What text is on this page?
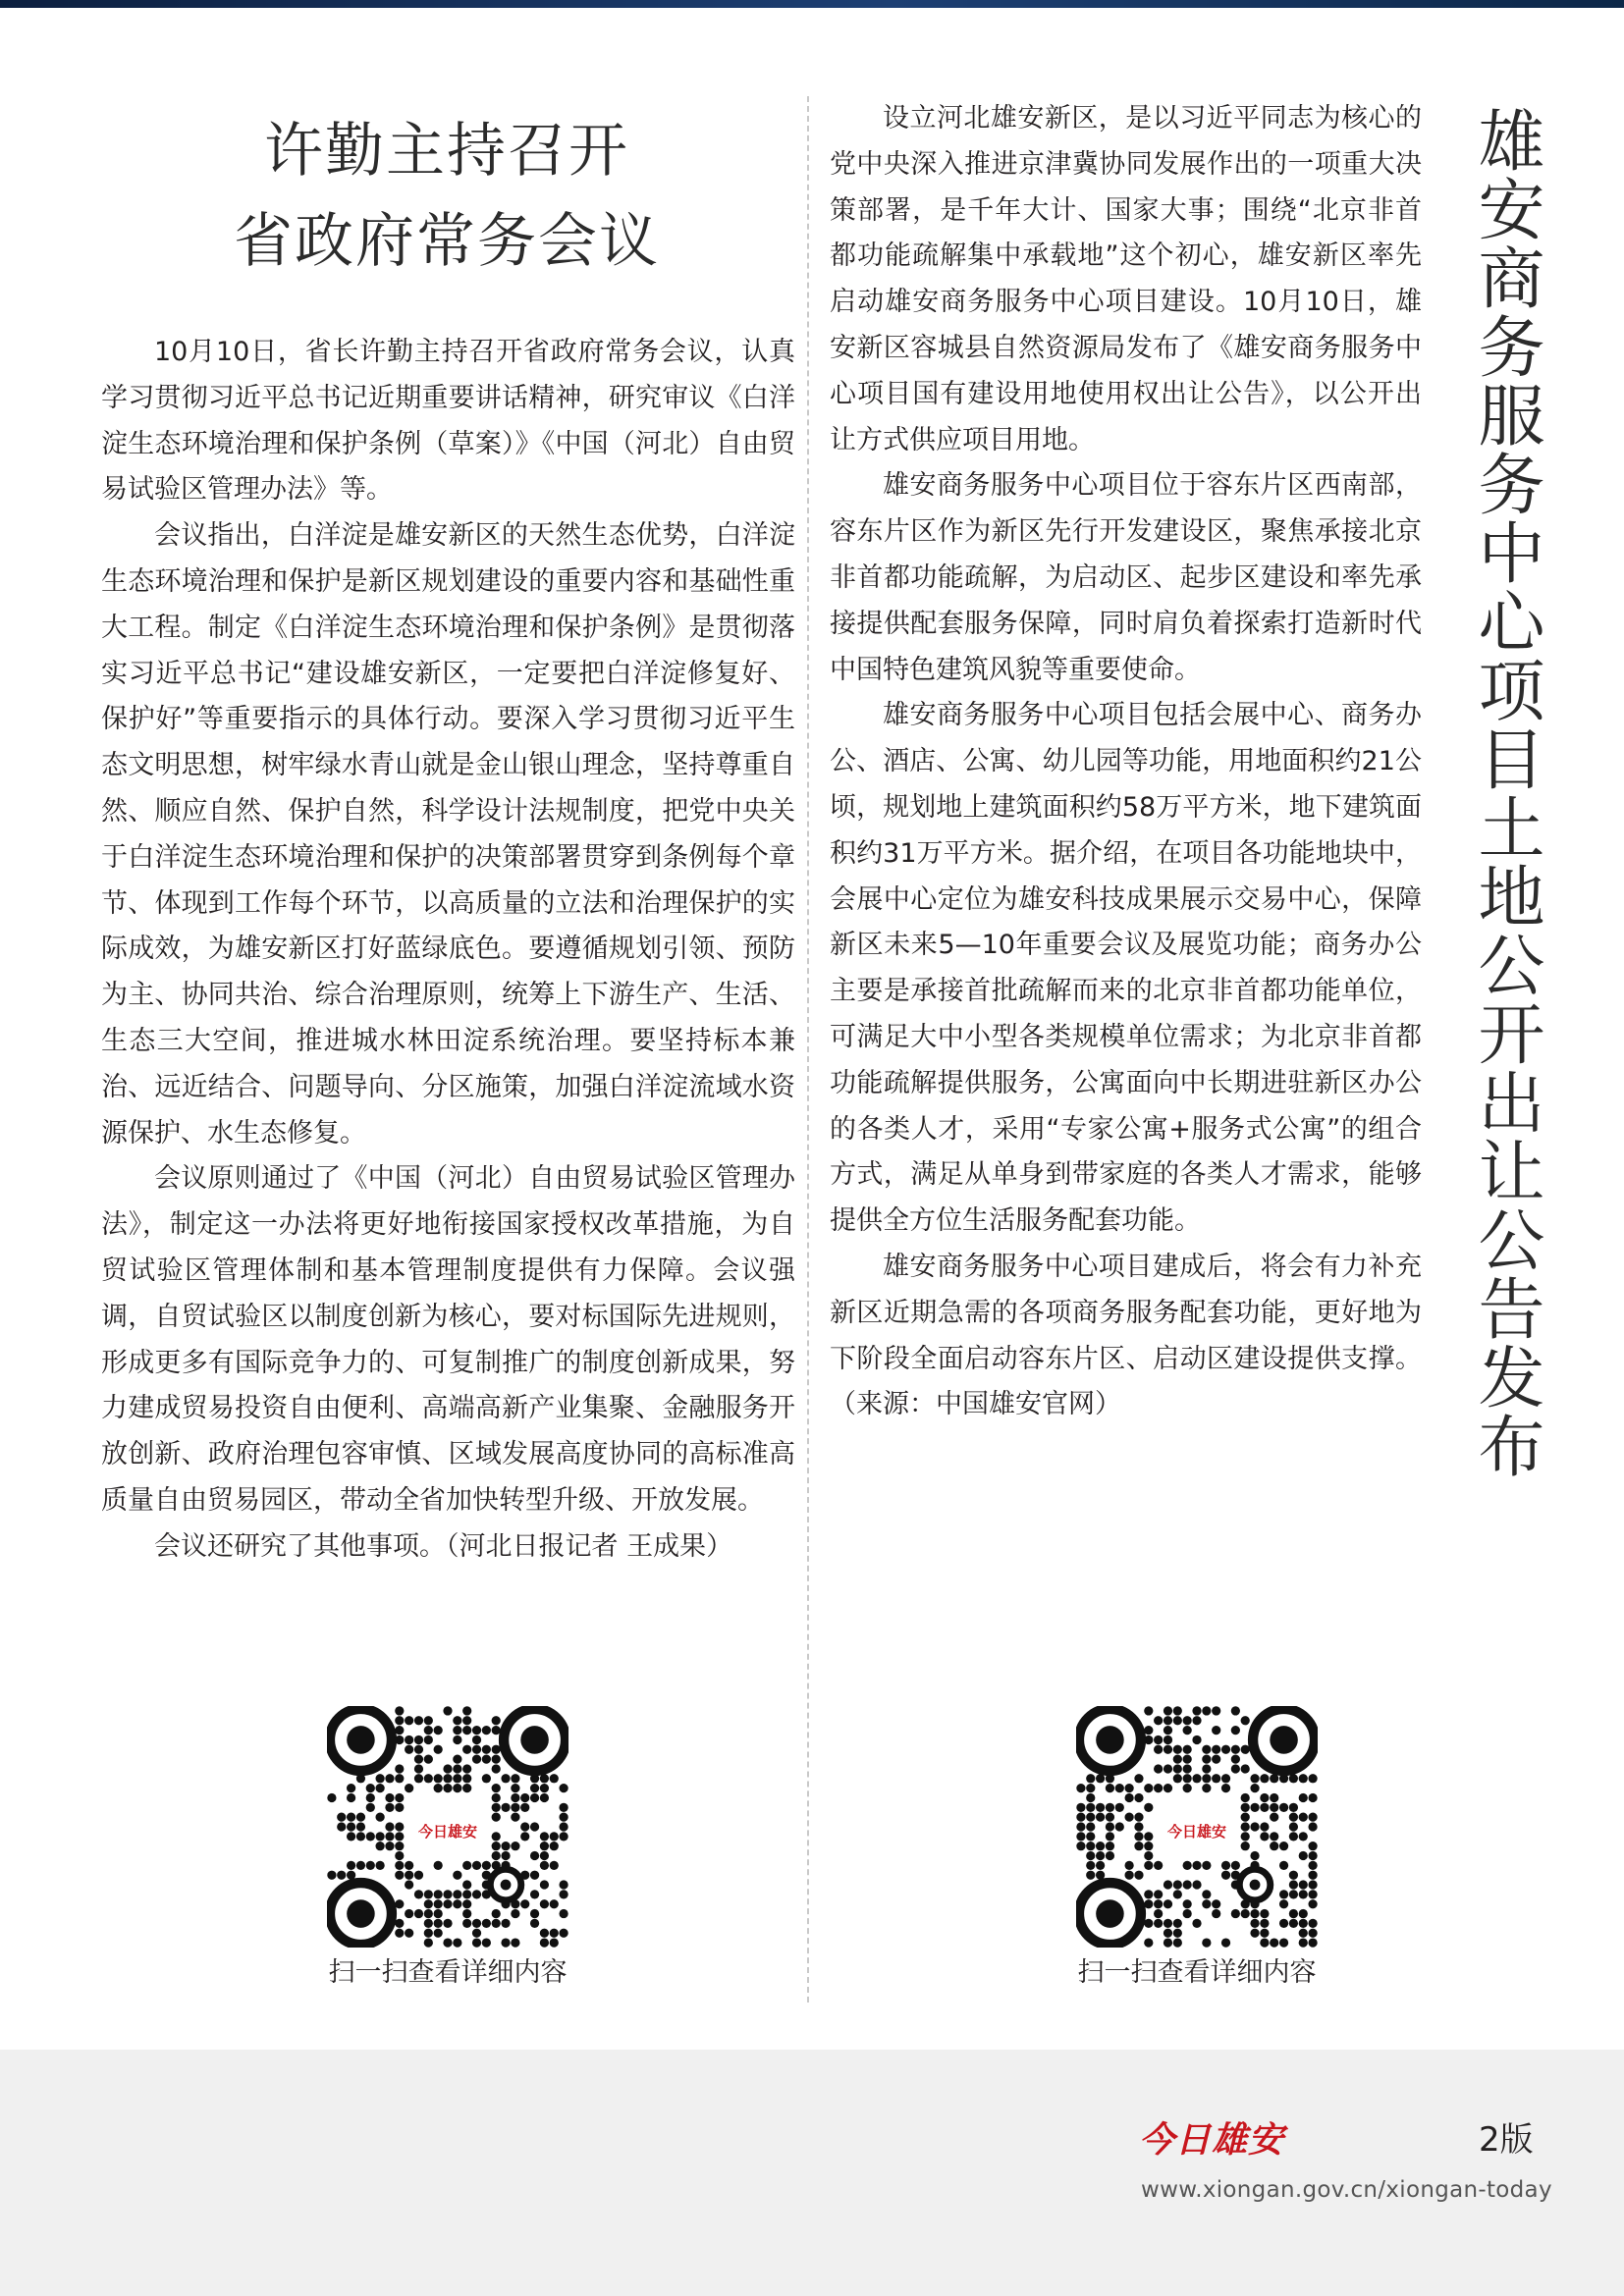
许勤主持召开
省政府常务会议

10月10日，省长许勤主持召开省政府常务会议，认真学习贯彻习近平总书记近期重要讲话精神，研究审议《白洋淀生态环境治理和保护条例（草案）》《中国（河北）自由贸易试验区管理办法》等。

会议指出，白洋淀是雄安新区的天然生态优势，白洋淀生态环境治理和保护是新区规划建设的重要内容和基础性重大工程。制定《白洋淀生态环境治理和保护条例》是贯彻落实习近平总书记“建设雄安新区，一定要把白洋淀修复好、保护好”等重要指示的具体行动。要深入学习贯彻习近平生态文明思想，树牢绿水青山就是金山银山理念，坚持尊重自然、顺应自然、保护自然，科学设计法规制度，把党中央关于白洋淀生态环境治理和保护的决策部署贯穿到条例每个章节、体现到工作每个环节，以高质量的立法和治理保护的实际成效，为雄安新区打好蓝绿底色。要遵循规划引领、预防为主、协同共治、综合治理原则，统筹上下游生产、生活、生态三大空间，推进城水林田淀系统治理。要坚持标本兼治、远近结合、问题导向、分区施策，加强白洋淀流域水资源保护、水生态修复。

会议原则通过了《中国（河北）自由贸易试验区管理办法》，制定这一办法将更好地衔接国家授权改革措施，为自贸试验区管理体制和基本管理制度提供有力保障。会议强调，自贸试验区以制度创新为核心，要对标国际先进规则，形成更多有国际竞争力的、可复制推广的制度创新成果，努力建成贸易投资自由便利、高端高新产业集聚、金融服务开放创新、政府治理包容审慎、区域发展高度协同的高标准高质量自由贸易园区，带动全省加快转型升级、开放发展。

会议还研究了其他事项。（河北日报记者 王成果）

设立河北雄安新区，是以习近平同志为核心的党中央深入推进京津冀协同发展作出的一项重大决策部署，是千年大计、国家大事；围绕“北京非首都功能疏解集中承载地”这个初心，雄安新区率先启动雄安商务服务中心项目建设。10月10日，雄安新区容城县自然资源局发布了《雄安商务服务中心项目国有建设用地使用权出让公告》，以公开出让方式供应项目用地。

雄安商务服务中心项目位于容东片区西南部，容东片区作为新区先行开发建设区，聚焦承接北京非首都功能疏解，为启动区、起步区建设和率先承接提供配套服务保障，同时肩负着探索打造新时代中国特色建筑风貌等重要使命。

雄安商务服务中心项目包括会展中心、商务办公、酒店、公寓、幼儿园等功能，用地面积约21公顷，规划地上建筑面积约58万平方米，地下建筑面积约31万平方米。据介绍，在项目各功能地块中，会展中心定位为雄安科技成果展示交易中心，保障新区未来5—10年重要会议及展览功能；商务办公主要是承接首批疏解而来的北京非首都功能单位，可满足大中小型各类规模单位需求；为北京非首都功能疏解提供服务，公寓面向中长期进驻新区办公的各类人才，采用“专家公寓+服务式公寓”的组合方式，满足从单身到带家庭的各类人才需求，能够提供全方位生活服务配套功能。

雄安商务服务中心项目建成后，将会有力补充新区近期急需的各项商务服务配套功能，更好地为下阶段全面启动容东片区、启动区建设提供支撑。（来源：中国雄安官网）	雄安商务服务中心项目土地公开出让公告发布
今日雄安
扫一扫查看详细内容
今日雄安
扫一扫查看详细内容
今日雄安	2版
www.xiongan.gov.cn/xiongan-today
